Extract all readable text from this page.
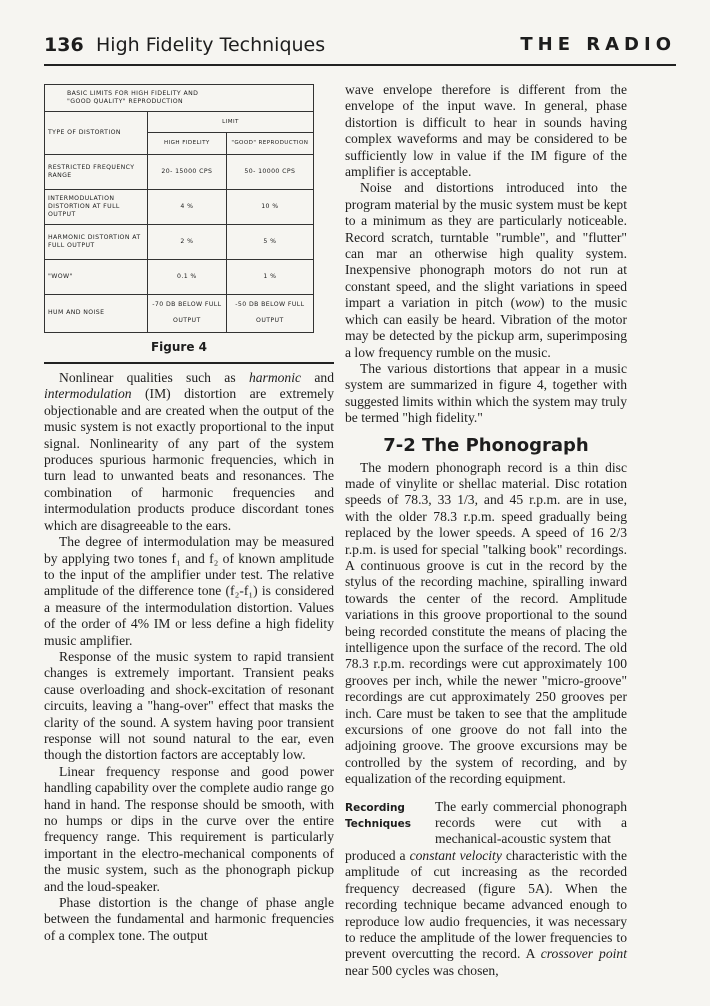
136 High Fidelity Techniques	THE RADIO
BASIC LIMITS FOR HIGH FIDELITY AND
"GOOD QUALITY" REPRODUCTION		
TYPE OF DISTORTION	LIMIT	
	HIGH FIDELITY	"GOOD" REPRODUCTION
RESTRICTED FREQUENCY RANGE	20- 15000 CPS	50- 10000 CPS
INTERMODULATION DISTORTION AT FULL OUTPUT	4 %	10 %
HARMONIC DISTORTION AT FULL OUTPUT	2 %	5 %
"WOW"	0.1 %	1 %
HUM AND NOISE	-70 DB BELOW FULL OUTPUT	-50 DB BELOW FULL OUTPUT
Figure 4

Nonlinear qualities such as harmonic and intermodulation (IM) distortion are extremely objectionable and are created when the output of the music system is not exactly proportional to the input signal. Nonlinearity of any part of the system produces spurious harmonic frequencies, which in turn lead to unwanted beats and resonances. The combination of harmonic frequencies and intermodulation products produce discordant tones which are disagreeable to the ears.

The degree of intermodulation may be measured by applying two tones f₁ and f₂ of known amplitude to the input of the amplifier under test. The relative amplitude of the difference tone (f₂-f₁) is considered a measure of the intermodulation distortion. Values of the order of 4% IM or less define a high fidelity music amplifier.

Response of the music system to rapid transient changes is extremely important. Transient peaks cause overloading and shock-excitation of resonant circuits, leaving a "hang-over" effect that masks the clarity of the sound. A system having poor transient response will not sound natural to the ear, even though the distortion factors are acceptably low.

Linear frequency response and good power handling capability over the complete audio range go hand in hand. The response should be smooth, with no humps or dips in the curve over the entire frequency range. This requirement is particularly important in the electro-mechanical components of the music system, such as the phonograph pickup and the loud-speaker.

Phase distortion is the change of phase angle between the fundamental and harmonic frequencies of a complex tone. The output

wave envelope therefore is different from the envelope of the input wave. In general, phase distortion is difficult to hear in sounds having complex waveforms and may be considered to be sufficiently low in value if the IM figure of the amplifier is acceptable.

Noise and distortions introduced into the program material by the music system must be kept to a minimum as they are particularly noticeable. Record scratch, turntable "rumble", and "flutter" can mar an otherwise high quality system. Inexpensive phonograph motors do not run at constant speed, and the slight variations in speed impart a variation in pitch (wow) to the music which can easily be heard. Vibration of the motor may be detected by the pickup arm, superimposing a low frequency rumble on the music.

The various distortions that appear in a music system are summarized in figure 4, together with suggested limits within which the system may truly be termed "high fidelity."

7-2 The Phonograph

The modern phonograph record is a thin disc made of vinylite or shellac material. Disc rotation speeds of 78.3, 33 1/3, and 45 r.p.m. are in use, with the older 78.3 r.p.m. speed gradually being replaced by the lower speeds. A speed of 16 2/3 r.p.m. is used for special "talking book" recordings. A continuous groove is cut in the record by the stylus of the recording machine, spiralling inward towards the center of the record. Amplitude variations in this groove proportional to the sound being recorded constitute the means of placing the intelligence upon the surface of the record. The old 78.3 r.p.m. recordings were cut approximately 100 grooves per inch, while the newer "micro-groove" recordings are cut approximately 250 grooves per inch. Care must be taken to see that the amplitude excursions of one groove do not fall into the adjoining groove. The groove excursions may be controlled by the system of recording, and by equalization of the recording equipment.

Recording
Techniques

The early commercial phonograph records were cut with a mechanical-acoustic system that

produced a constant velocity characteristic with the amplitude of cut increasing as the recorded frequency decreased (figure 5A). When the recording technique became advanced enough to reproduce low audio frequencies, it was necessary to reduce the amplitude of the lower frequencies to prevent overcutting the record. A crossover point near 500 cycles was chosen,
